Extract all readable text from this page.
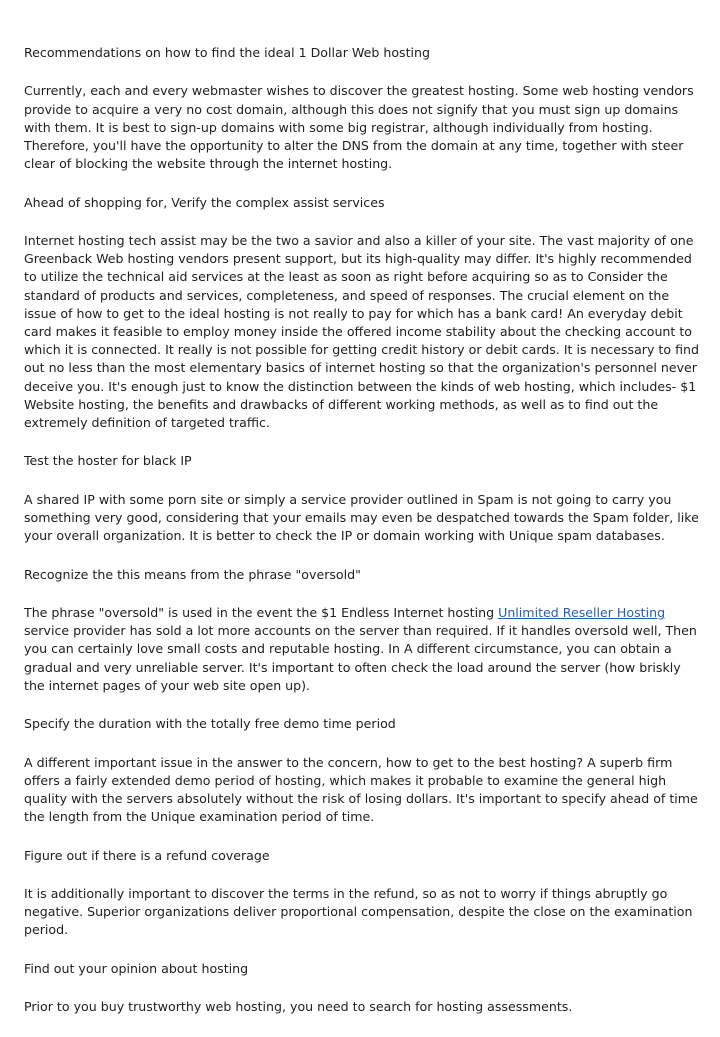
Recommendations on how to find the ideal 1 Dollar Web hosting

Currently, each and every webmaster wishes to discover the greatest hosting. Some web hosting vendors provide to acquire a very no cost domain, although this does not signify that you must sign up domains with them. It is best to sign-up domains with some big registrar, although individually from hosting. Therefore, you'll have the opportunity to alter the DNS from the domain at any time, together with steer clear of blocking the website through the internet hosting.

Ahead of shopping for, Verify the complex assist services

Internet hosting tech assist may be the two a savior and also a killer of your site. The vast majority of one Greenback Web hosting vendors present support, but its high-quality may differ. It's highly recommended to utilize the technical aid services at the least as soon as right before acquiring so as to Consider the standard of products and services, completeness, and speed of responses. The crucial element on the issue of how to get to the ideal hosting is not really to pay for which has a bank card! An everyday debit card makes it feasible to employ money inside the offered income stability about the checking account to which it is connected. It really is not possible for getting credit history or debit cards. It is necessary to find out no less than the most elementary basics of internet hosting so that the organization's personnel never deceive you. It's enough just to know the distinction between the kinds of web hosting, which includes- $1 Website hosting, the benefits and drawbacks of different working methods, as well as to find out the extremely definition of targeted traffic.

Test the hoster for black IP

A shared IP with some porn site or simply a service provider outlined in Spam is not going to carry you something very good, considering that your emails may even be despatched towards the Spam folder, like your overall organization. It is better to check the IP or domain working with Unique spam databases.

Recognize the this means from the phrase "oversold"

The phrase "oversold" is used in the event the $1 Endless Internet hosting Unlimited Reseller Hosting service provider has sold a lot more accounts on the server than required. If it handles oversold well, Then you can certainly love small costs and reputable hosting. In A different circumstance, you can obtain a gradual and very unreliable server. It's important to often check the load around the server (how briskly the internet pages of your web site open up).

Specify the duration with the totally free demo time period

A different important issue in the answer to the concern, how to get to the best hosting? A superb firm offers a fairly extended demo period of hosting, which makes it probable to examine the general high quality with the servers absolutely without the risk of losing dollars. It's important to specify ahead of time the length from the Unique examination period of time.

Figure out if there is a refund coverage

It is additionally important to discover the terms in the refund, so as not to worry if things abruptly go negative. Superior organizations deliver proportional compensation, despite the close on the examination period.

Find out your opinion about hosting

Prior to you buy trustworthy web hosting, you need to search for hosting assessments.
